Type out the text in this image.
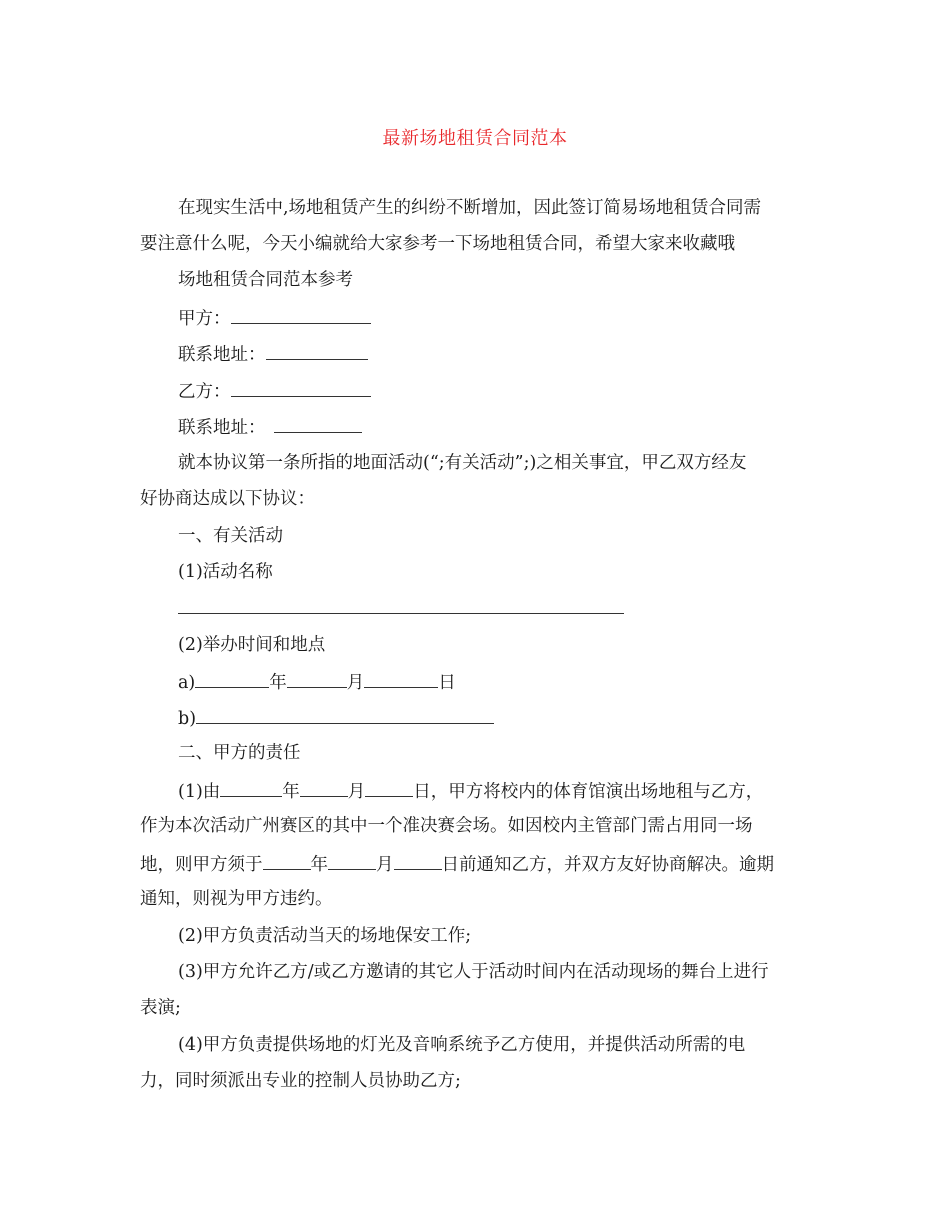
最新场地租赁合同范本
在现实生活中,场地租赁产生的纠纷不断增加，因此签订简易场地租赁合同需
要注意什么呢，今天小编就给大家参考一下场地租赁合同，希望大家来收藏哦
场地租赁合同范本参考
甲方：
联系地址：
乙方：
联系地址：
就本协议第一条所指的地面活动(“;有关活动”;)之相关事宜，甲乙双方经友
好协商达成以下协议：
一、有关活动
(1)活动名称
(2)举办时间和地点
a)	年	月	日
b)
二、甲方的责任
(1)由	年	月	日，甲方将校内的体育馆演出场地租与乙方，
作为本次活动广州赛区的其中一个准决赛会场。如因校内主管部门需占用同一场
地，则甲方须于	年	月	日前通知乙方，并双方友好协商解决。逾期
通知，则视为甲方违约。
(2)甲方负责活动当天的场地保安工作;
(3)甲方允许乙方/或乙方邀请的其它人于活动时间内在活动现场的舞台上进行
表演;
(4)甲方负责提供场地的灯光及音响系统予乙方使用，并提供活动所需的电
力，同时须派出专业的控制人员协助乙方;
